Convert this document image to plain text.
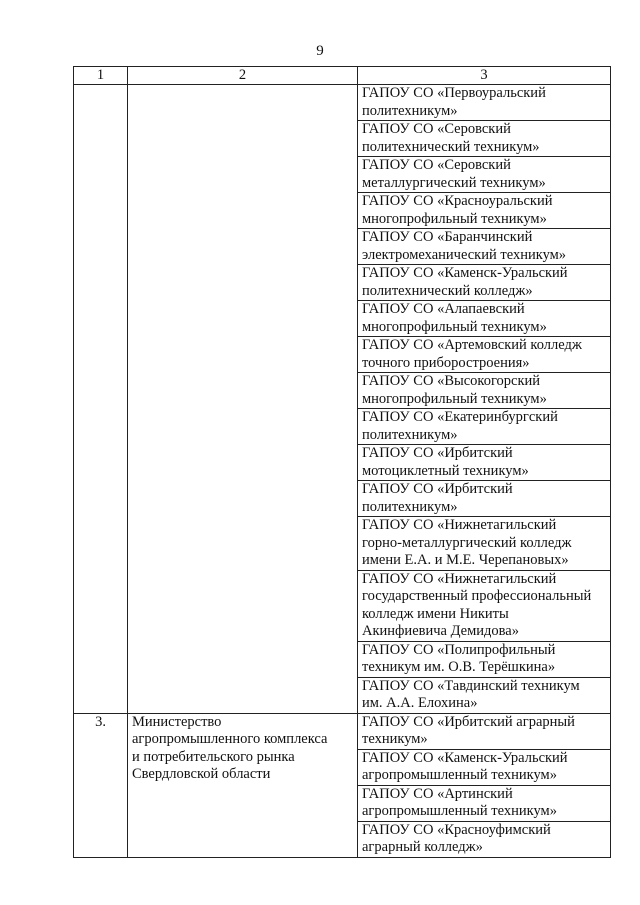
9
1	2	3

		ГАПОУ СО «Первоуральский
политехникум»

		ГАПОУ СО «Серовский
политехнический техникум»

		ГАПОУ СО «Серовский
металлургический техникум»

		ГАПОУ СО «Красноуральский
многопрофильный техникум»

		ГАПОУ СО «Баранчинский
электромеханический техникум»

		ГАПОУ СО «Каменск-Уральский
политехнический колледж»

		ГАПОУ СО «Алапаевский
многопрофильный техникум»

		ГАПОУ СО «Артемовский колледж
точного приборостроения»

		ГАПОУ СО «Высокогорский
многопрофильный техникум»

		ГАПОУ СО «Екатеринбургский
политехникум»

		ГАПОУ СО «Ирбитский
мотоциклетный техникум»

		ГАПОУ СО «Ирбитский
политехникум»

		ГАПОУ СО «Нижнетагильский
горно-металлургический колледж
имени Е.А. и М.Е. Черепановых»

		ГАПОУ СО «Нижнетагильский
государственный профессиональный
колледж имени Никиты
Акинфиевича Демидова»

		ГАПОУ СО «Полипрофильный
техникум им. О.В. Терёшкина»

		ГАПОУ СО «Тавдинский техникум
им. А.А. Елохина»

3.	Министерство
агропромышленного комплекса
и потребительского рынка
Свердловской области	ГАПОУ СО «Ирбитский аграрный
техникум»

		ГАПОУ СО «Каменск-Уральский
агропромышленный техникум»

		ГАПОУ СО «Артинский
агропромышленный техникум»

		ГАПОУ СО «Красноуфимский
аграрный колледж»
